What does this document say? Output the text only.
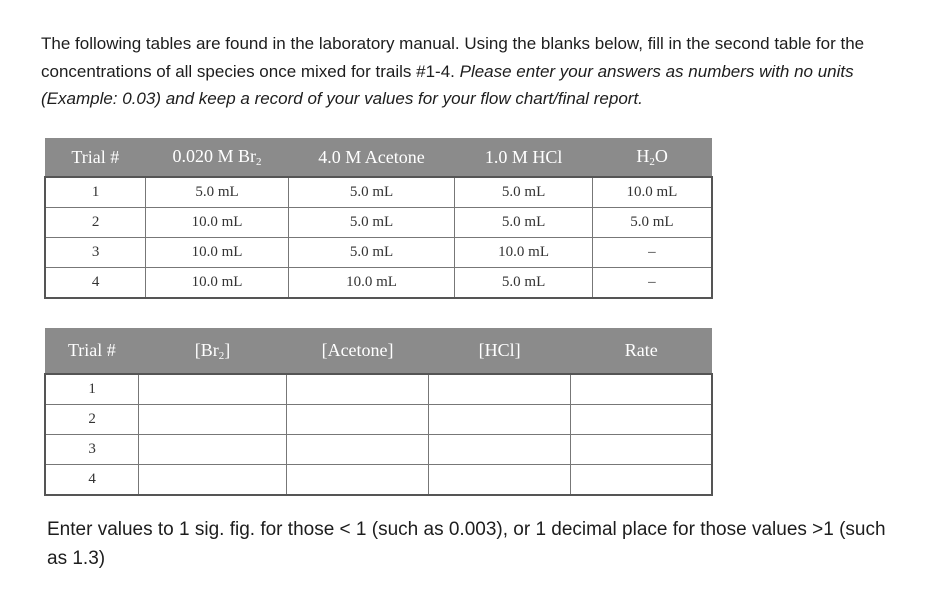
The following tables are found in the laboratory manual. Using the blanks below, fill in the second table for the concentrations of all species once mixed for trails #1-4. Please enter your answers as numbers with no units (Example: 0.03) and keep a record of your values for your flow chart/final report.
Trial #	0.020 M $Br_2$	4.0 M Acetone	1.0 M HCl	$H_2O$
1	5.0 mL	5.0 mL	5.0 mL	10.0 mL
2	10.0 mL	5.0 mL	5.0 mL	5.0 mL
3	10.0 mL	5.0 mL	10.0 mL	–
4	10.0 mL	10.0 mL	5.0 mL	–
Trial #	$[Br_2]$	[Acetone]	[HCl]	Rate
1				
2				
3				
4				
Enter values to 1 sig. fig. for those < 1 (such as 0.003), or 1 decimal place for those values >1 (such as 1.3)
